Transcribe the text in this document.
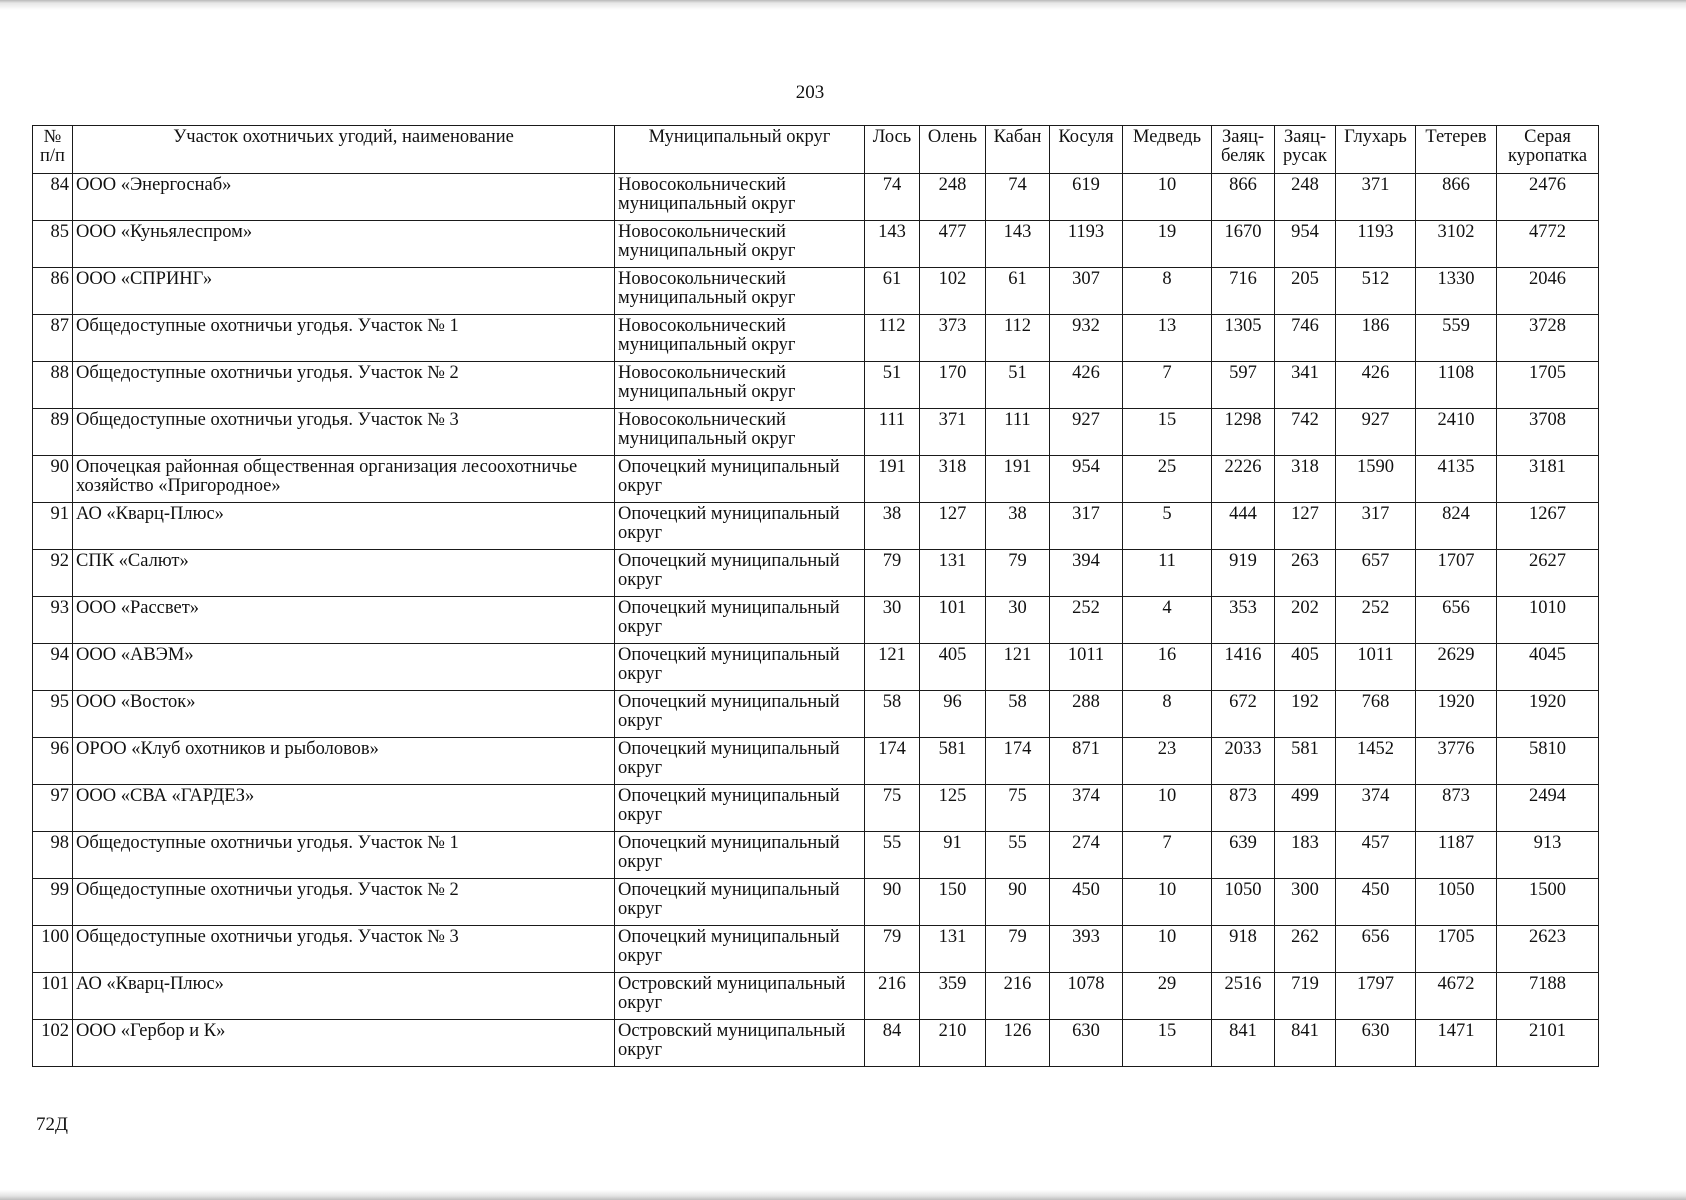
203
№ п/п	Участок охотничьих угодий, наименование	Муниципальный округ	Лось	Олень	Кабан	Косуля	Медведь	Заяц-беляк	Заяц-русак	Глухарь	Тетерев	Серая куропатка
84	ООО «Энергоснаб»	Новосокольнический муниципальный округ	74	248	74	619	10	866	248	371	866	2476
85	ООО «Куньялеспром»	Новосокольнический муниципальный округ	143	477	143	1193	19	1670	954	1193	3102	4772
86	ООО «СПРИНГ»	Новосокольнический муниципальный округ	61	102	61	307	8	716	205	512	1330	2046
87	Общедоступные охотничьи угодья. Участок № 1	Новосокольнический муниципальный округ	112	373	112	932	13	1305	746	186	559	3728
88	Общедоступные охотничьи угодья. Участок № 2	Новосокольнический муниципальный округ	51	170	51	426	7	597	341	426	1108	1705
89	Общедоступные охотничьи угодья. Участок № 3	Новосокольнический муниципальный округ	111	371	111	927	15	1298	742	927	2410	3708
90	Опочецкая районная общественная организация лесоохотничье хозяйство «Пригородное»	Опочецкий муниципальный округ	191	318	191	954	25	2226	318	1590	4135	3181
91	АО «Кварц-Плюс»	Опочецкий муниципальный округ	38	127	38	317	5	444	127	317	824	1267
92	СПК «Салют»	Опочецкий муниципальный округ	79	131	79	394	11	919	263	657	1707	2627
93	ООО «Рассвет»	Опочецкий муниципальный округ	30	101	30	252	4	353	202	252	656	1010
94	ООО «АВЭМ»	Опочецкий муниципальный округ	121	405	121	1011	16	1416	405	1011	2629	4045
95	ООО «Восток»	Опочецкий муниципальный округ	58	96	58	288	8	672	192	768	1920	1920
96	ОРОО «Клуб охотников и рыболовов»	Опочецкий муниципальный округ	174	581	174	871	23	2033	581	1452	3776	5810
97	ООО «СВА «ГАРДЕЗ»	Опочецкий муниципальный округ	75	125	75	374	10	873	499	374	873	2494
98	Общедоступные охотничьи угодья. Участок № 1	Опочецкий муниципальный округ	55	91	55	274	7	639	183	457	1187	913
99	Общедоступные охотничьи угодья. Участок № 2	Опочецкий муниципальный округ	90	150	90	450	10	1050	300	450	1050	1500
100	Общедоступные охотничьи угодья. Участок № 3	Опочецкий муниципальный округ	79	131	79	393	10	918	262	656	1705	2623
101	АО «Кварц-Плюс»	Островский муниципальный округ	216	359	216	1078	29	2516	719	1797	4672	7188
102	ООО «Гербор и К»	Островский муниципальный округ	84	210	126	630	15	841	841	630	1471	2101
72Д
